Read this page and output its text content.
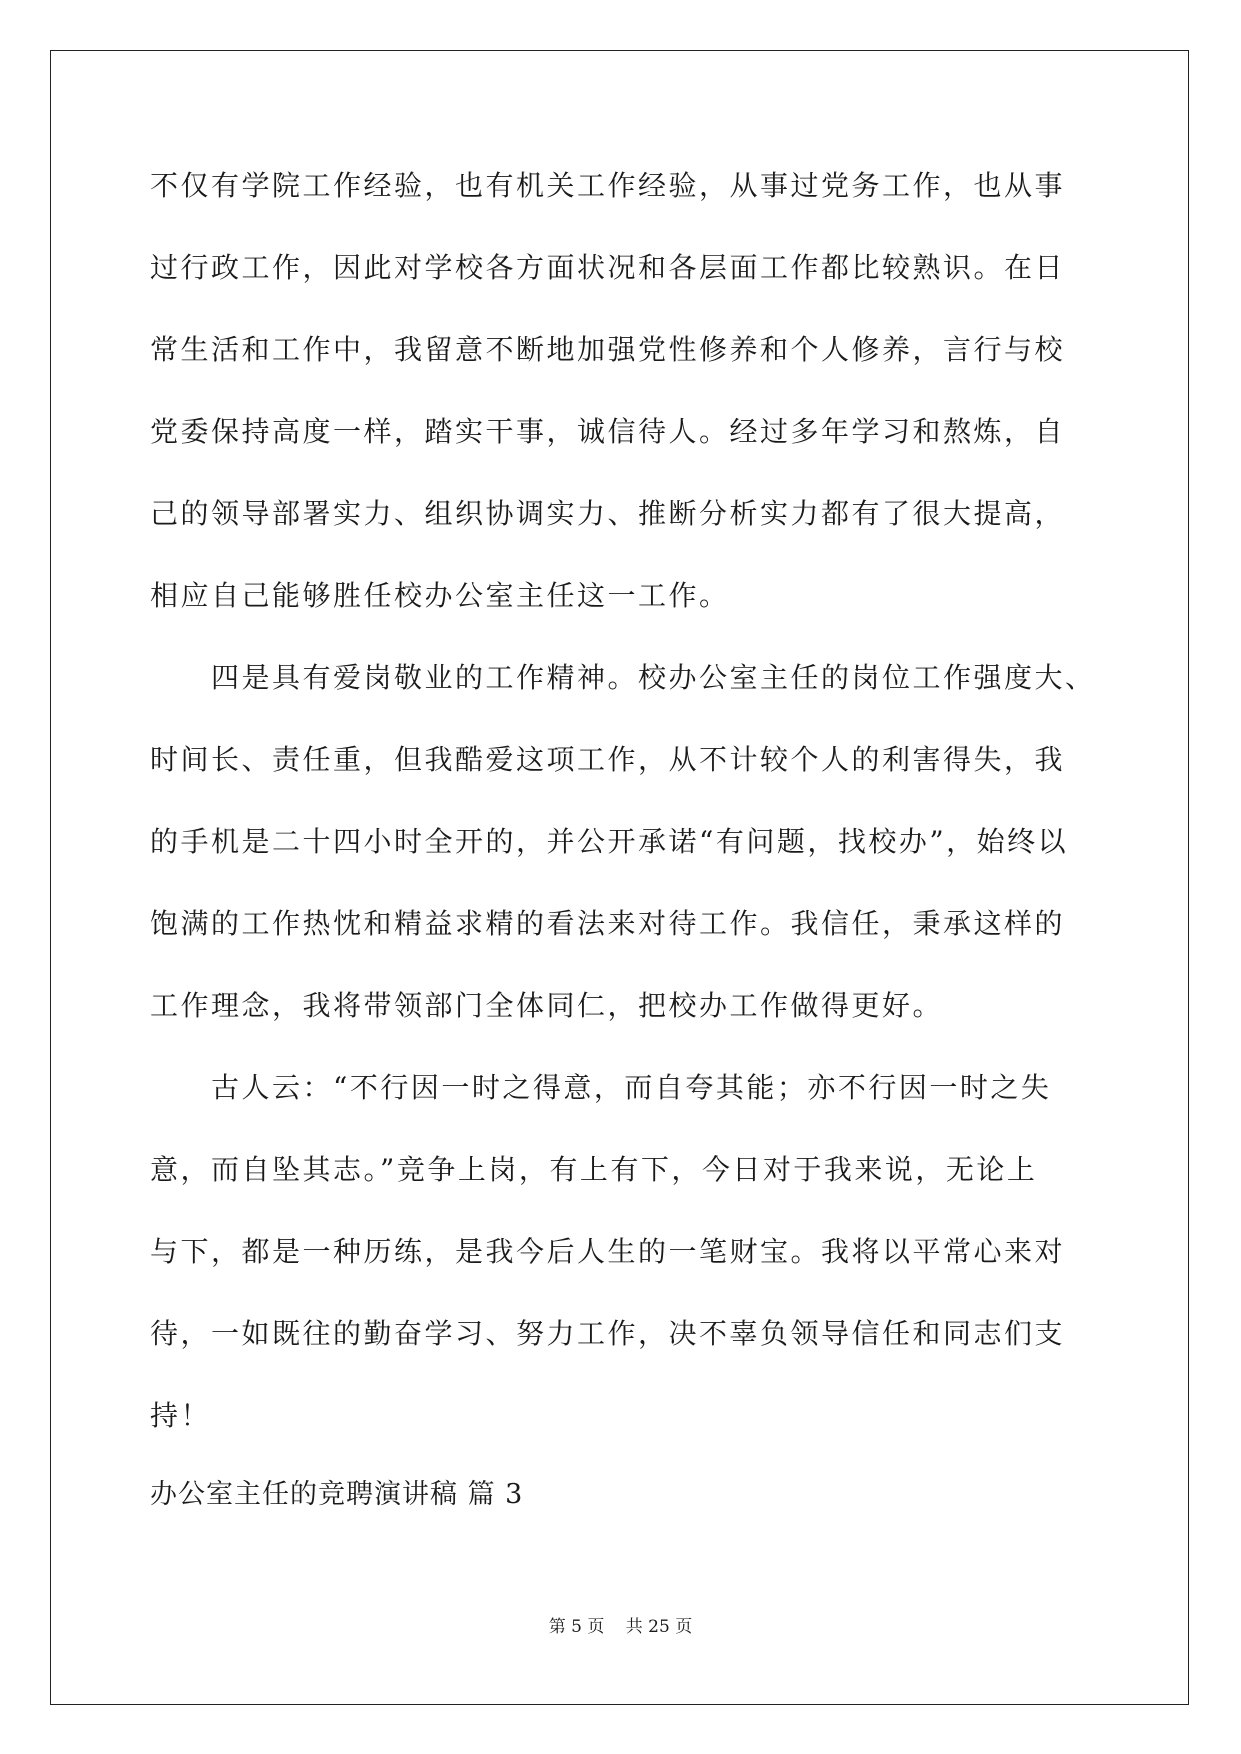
不仅有学院工作经验，也有机关工作经验，从事过党务工作，也从事
过行政工作，因此对学校各方面状况和各层面工作都比较熟识。在日
常生活和工作中，我留意不断地加强党性修养和个人修养，言行与校
党委保持高度一样，踏实干事，诚信待人。经过多年学习和熬炼，自
己的领导部署实力、组织协调实力、推断分析实力都有了很大提高，
相应自己能够胜任校办公室主任这一工作。
　　四是具有爱岗敬业的工作精神。校办公室主任的岗位工作强度大、
时间长、责任重，但我酷爱这项工作，从不计较个人的利害得失，我
的手机是二十四小时全开的，并公开承诺“有问题，找校办”，始终以
饱满的工作热忱和精益求精的看法来对待工作。我信任，秉承这样的
工作理念，我将带领部门全体同仁，把校办工作做得更好。
　　古人云：“不行因一时之得意，而自夸其能；亦不行因一时之失
意，而自坠其志。”竞争上岗，有上有下，今日对于我来说，无论上
与下，都是一种历练，是我今后人生的一笔财宝。我将以平常心来对
待，一如既往的勤奋学习、努力工作，决不辜负领导信任和同志们支
持！
办公室主任的竞聘演讲稿 篇 3
第 5 页 共 25 页
